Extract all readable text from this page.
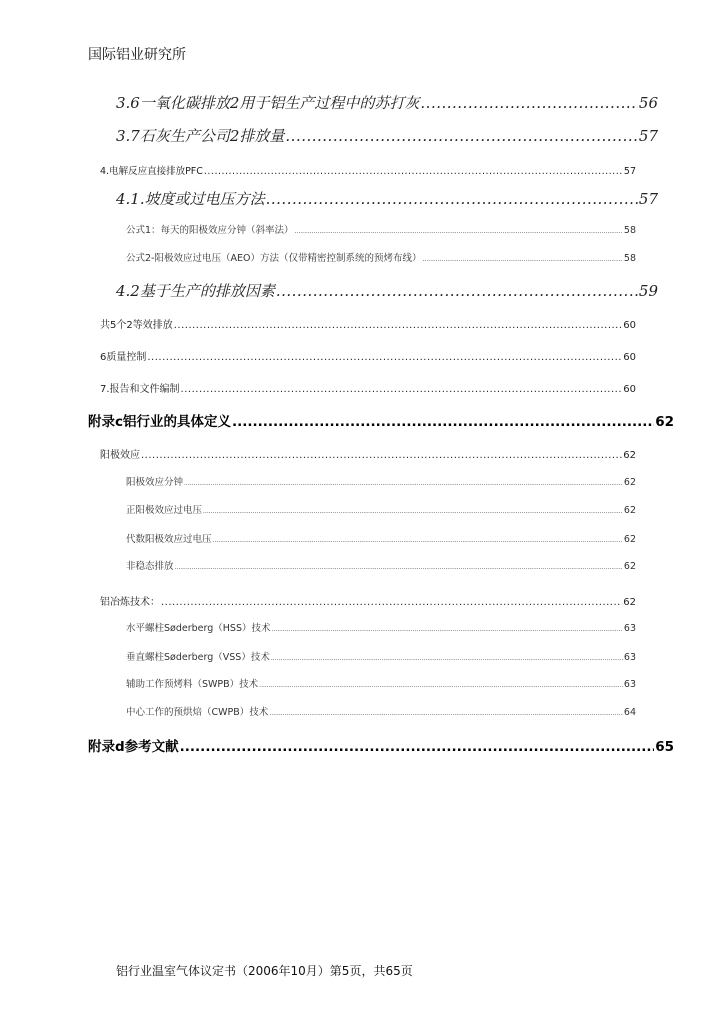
国际铝业研究所
3.6一氧化碳排放2用于铝生产过程中的苏打灰 .....	56
3.7石灰生产公司2排放量 .....	57
4.电解反应直接排放PFC .....	57
4.1.坡度或过电压方法 .....	57
公式1：每天的阳极效应分钟（斜率法） .....	58
公式2-阳极效应过电压（AEO）方法（仅带精密控制系统的预烤布线） .....	58
4.2基于生产的排放因素 .....	59
共5个2等效排放 .....	60
6质量控制 .....	60
7.报告和文件编制 .....	60
附录c铝行业的具体定义 .....	62
阳极效应 .....	62
阳极效应分钟 .....	62
正阳极效应过电压 .....	62
代数阳极效应过电压 .....	62
非稳态排放 .....	62
铝冶炼技术： .....	62
水平螺柱Søderberg（HSS）技术 .....	63
垂直螺柱Søderberg（VSS）技术 .....	63
辅助工作预烤料（SWPB）技术 .....	63
中心工作的预烘焙（CWPB）技术 .....	64
附录d参考文献 .....	65
铝行业温室气体议定书（2006年10月）第5页，共65页
